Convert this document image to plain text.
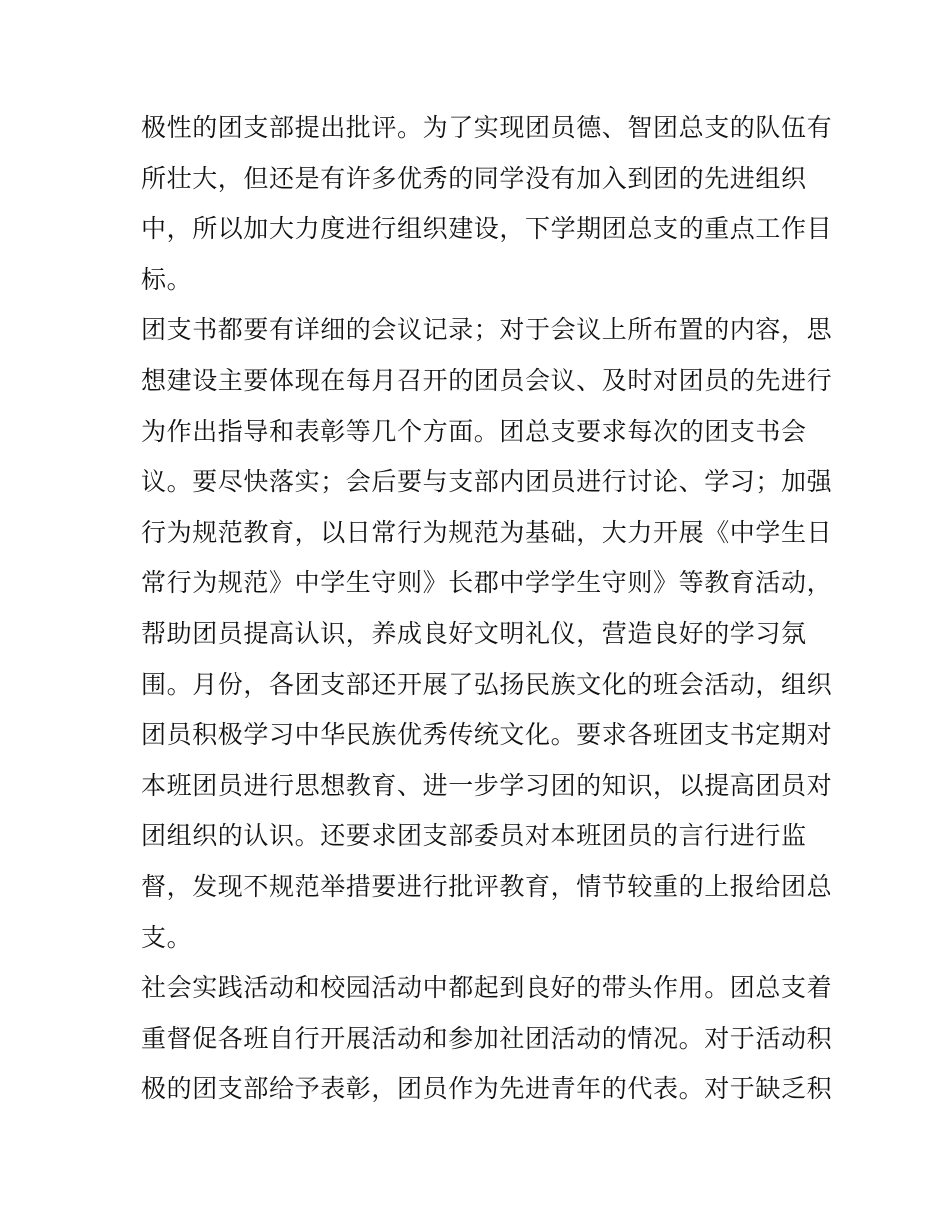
极性的团支部提出批评。为了实现团员德、智团总支的队伍有
所壮大，但还是有许多优秀的同学没有加入到团的先进组织
中，所以加大力度进行组织建设，下学期团总支的重点工作目
标。
团支书都要有详细的会议记录；对于会议上所布置的内容，思
想建设主要体现在每月召开的团员会议、及时对团员的先进行
为作出指导和表彰等几个方面。团总支要求每次的团支书会
议。要尽快落实；会后要与支部内团员进行讨论、学习；加强
行为规范教育，以日常行为规范为基础，大力开展《中学生日
常行为规范》中学生守则》长郡中学学生守则》等教育活动，
帮助团员提高认识，养成良好文明礼仪，营造良好的学习氛
围。月份，各团支部还开展了弘扬民族文化的班会活动，组织
团员积极学习中华民族优秀传统文化。要求各班团支书定期对
本班团员进行思想教育、进一步学习团的知识，以提高团员对
团组织的认识。还要求团支部委员对本班团员的言行进行监
督，发现不规范举措要进行批评教育，情节较重的上报给团总
支。
社会实践活动和校园活动中都起到良好的带头作用。团总支着
重督促各班自行开展活动和参加社团活动的情况。对于活动积
极的团支部给予表彰，团员作为先进青年的代表。对于缺乏积
